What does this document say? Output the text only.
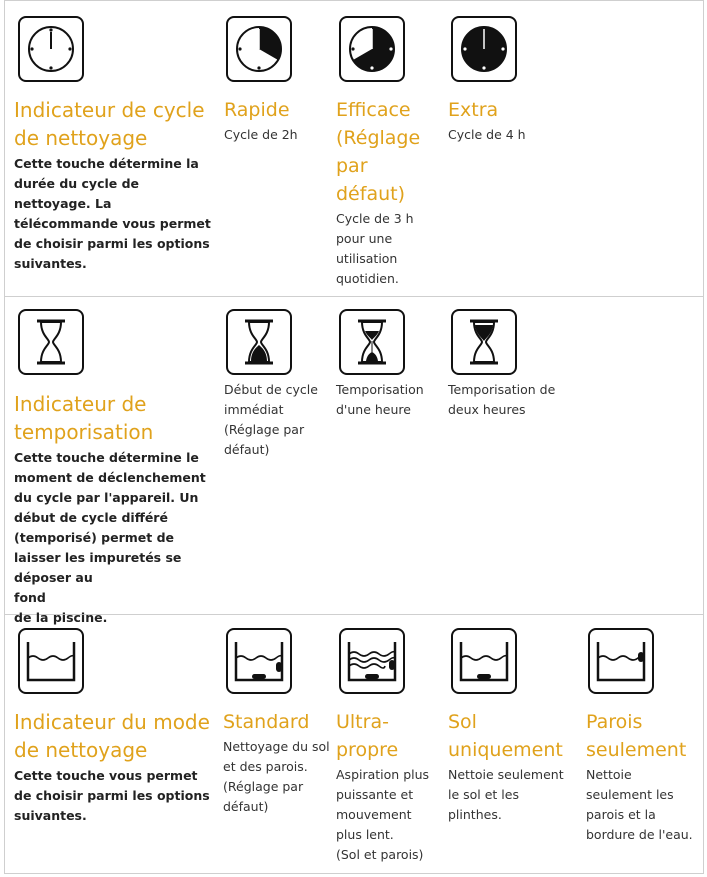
Indicateur de cycle de nettoyage

Cette touche détermine la durée du cycle de nettoyage. La télécommande vous permet de choisir parmi les options suivantes.

Rapide

Cycle de 2h

Efficace (Réglage par défaut)

Cycle de 3 h pour une utilisation quotidien.

Extra

Cycle de 4 h

Indicateur de temporisation

Cette touche détermine le moment de déclenchement du cycle par l'appareil. Un début de cycle différé (temporisé) permet de laisser les impuretés se déposer au

fond

de la piscine.

Début de cycle immédiat (Réglage par défaut)

Temporisation d'une heure

Temporisation de deux heures

Indicateur du mode de nettoyage

Cette touche vous permet de choisir parmi les options suivantes.

Standard

Nettoyage du sol et des parois.

(Réglage par défaut)

Ultra-propre

Aspiration plus puissante et mouvement plus lent.

(Sol et parois)

Sol uniquement

Nettoie seulement le sol et les plinthes.

Parois seulement

Nettoie seulement les parois et la bordure de l'eau.
